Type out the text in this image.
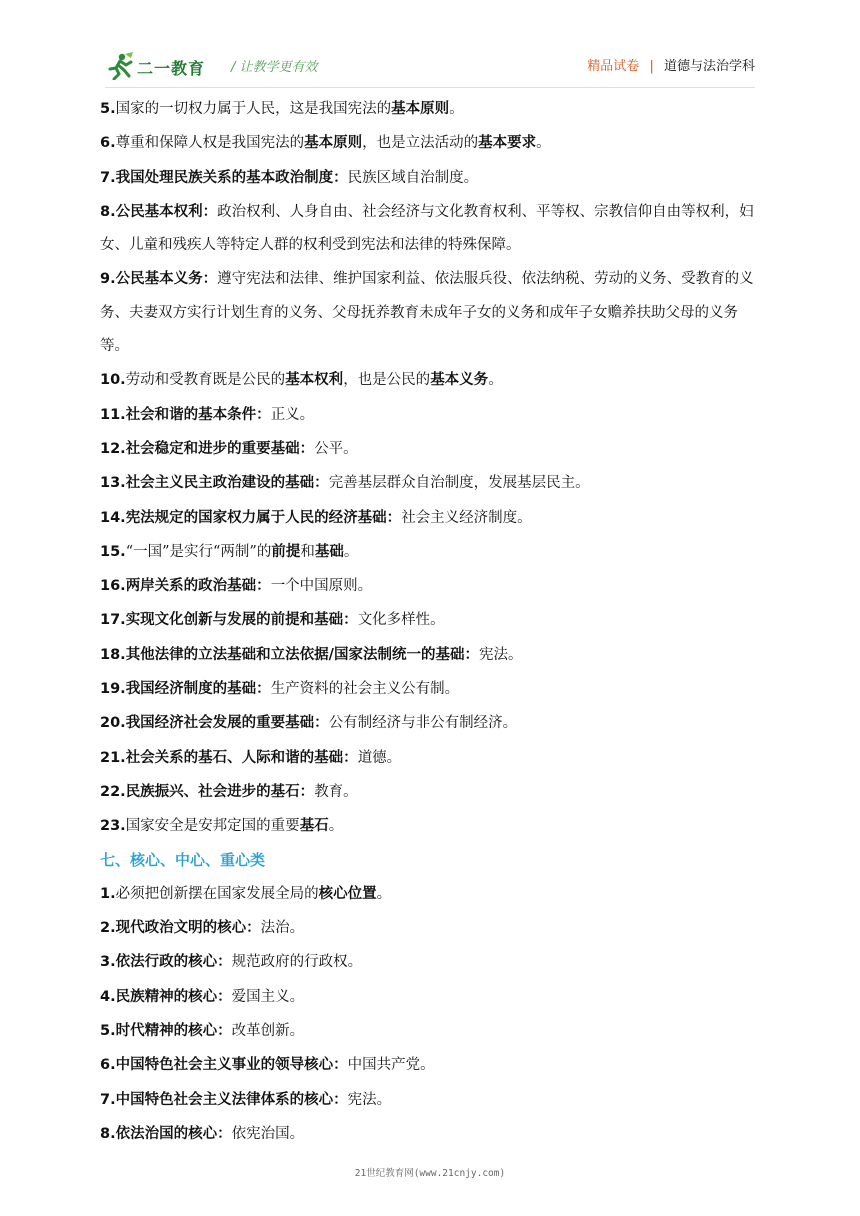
二一教育 / 让教学更有效	精品试卷 | 道德与法治学科

5.国家的一切权力属于人民，这是我国宪法的基本原则。

6.尊重和保障人权是我国宪法的基本原则，也是立法活动的基本要求。

7.我国处理民族关系的基本政治制度：民族区域自治制度。

8.公民基本权利：政治权利、人身自由、社会经济与文化教育权利、平等权、宗教信仰自由等权利，妇女、儿童和残疾人等特定人群的权利受到宪法和法律的特殊保障。

9.公民基本义务：遵守宪法和法律、维护国家利益、依法服兵役、依法纳税、劳动的义务、受教育的义务、夫妻双方实行计划生育的义务、父母抚养教育未成年子女的义务和成年子女赡养扶助父母的义务等。

10.劳动和受教育既是公民的基本权利，也是公民的基本义务。

11.社会和谐的基本条件：正义。

12.社会稳定和进步的重要基础：公平。

13.社会主义民主政治建设的基础：完善基层群众自治制度，发展基层民主。

14.宪法规定的国家权力属于人民的经济基础：社会主义经济制度。

15.“一国”是实行“两制”的前提和基础。

16.两岸关系的政治基础：一个中国原则。

17.实现文化创新与发展的前提和基础：文化多样性。

18.其他法律的立法基础和立法依据/国家法制统一的基础：宪法。

19.我国经济制度的基础：生产资料的社会主义公有制。

20.我国经济社会发展的重要基础：公有制经济与非公有制经济。

21.社会关系的基石、人际和谐的基础：道德。

22.民族振兴、社会进步的基石：教育。

23.国家安全是安邦定国的重要基石。

七、核心、中心、重心类

1.必须把创新摆在国家发展全局的核心位置。

2.现代政治文明的核心：法治。

3.依法行政的核心：规范政府的行政权。

4.民族精神的核心：爱国主义。

5.时代精神的核心：改革创新。

6.中国特色社会主义事业的领导核心：中国共产党。

7.中国特色社会主义法律体系的核心：宪法。

8.依法治国的核心：依宪治国。

21世纪教育网(www.21cnjy.com)
